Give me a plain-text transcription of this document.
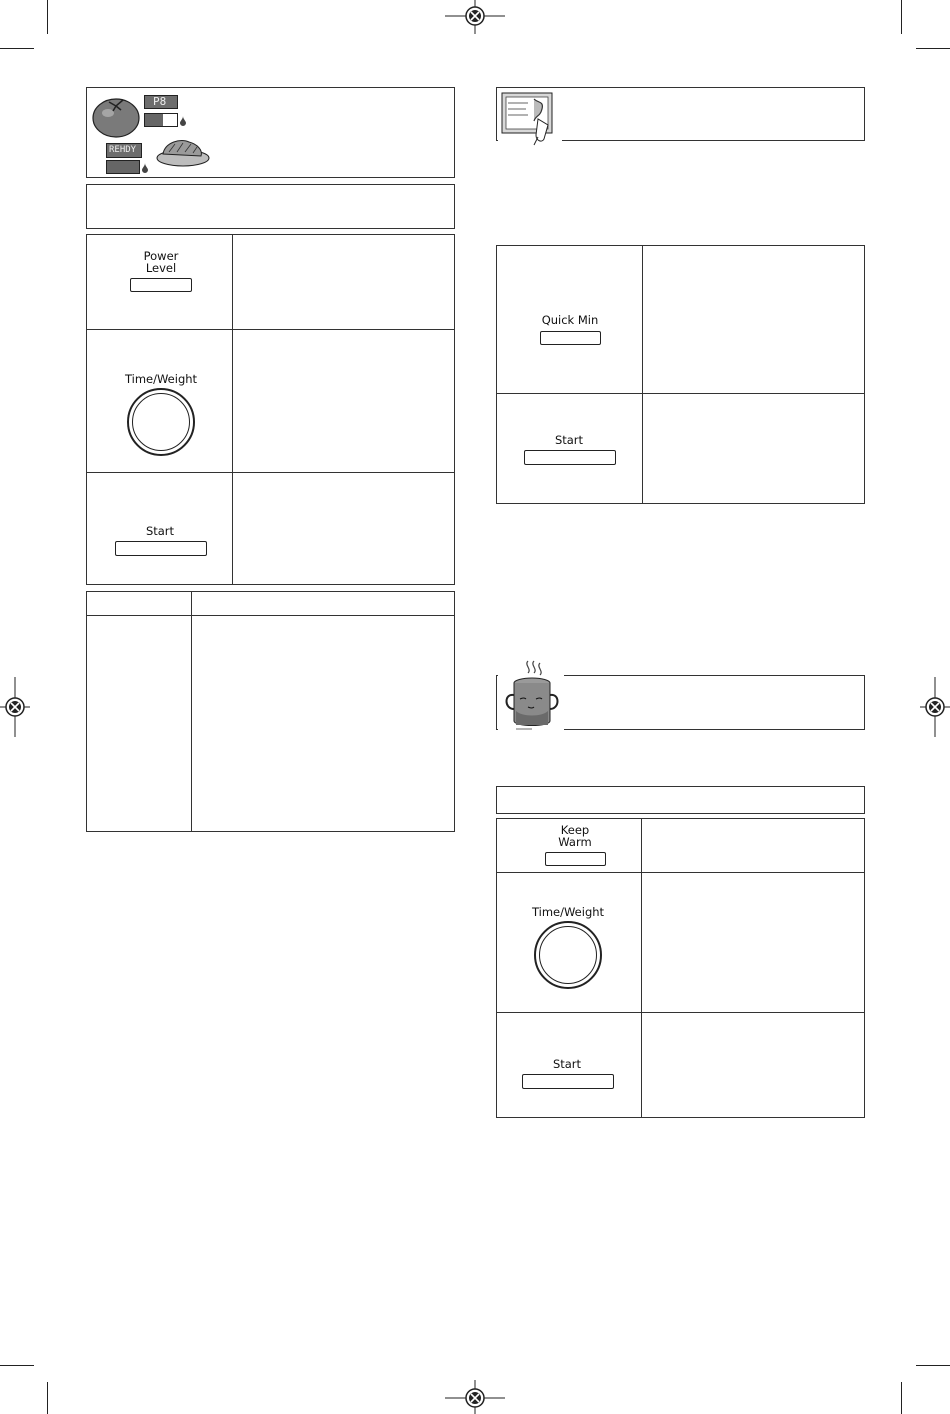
P8
REHDY
Power
Level
Time/Weight
Start
Quick Min
Start
Keep
Warm
Time/Weight
Start
